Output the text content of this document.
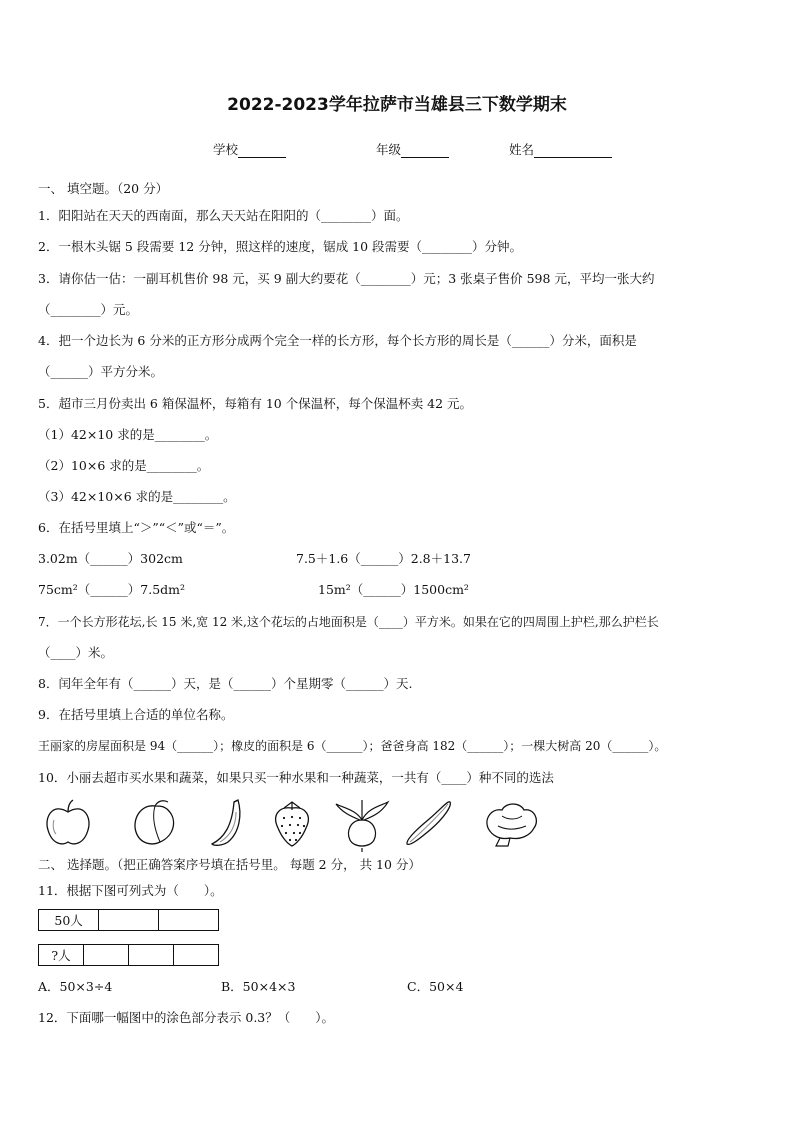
2022-2023学年拉萨市当雄县三下数学期末
学校	年级	姓名
一、 填空题。（20 分）
1．阳阳站在天天的西南面，那么天天站在阳阳的（________）面。
2．一根木头锯 5 段需要 12 分钟，照这样的速度，锯成 10 段需要（________）分钟。
3．请你估一估：一副耳机售价 98 元，买 9 副大约要花（________）元；3 张桌子售价 598 元，平均一张大约
（________）元。
4．把一个边长为 6 分米的正方形分成两个完全一样的长方形，每个长方形的周长是（______）分米，面积是
（______）平方分米。
5．超市三月份卖出 6 箱保温杯，每箱有 10 个保温杯，每个保温杯卖 42 元。
（1）42×10 求的是________。
（2）10×6 求的是________。
（3）42×10×6 求的是________。
6．在括号里填上“＞”“＜”或“＝”。
3.02m（______）302cm	7.5＋1.6（______）2.8＋13.7
75cm²（______）7.5dm²	15m²（______）1500cm²
7．一个长方形花坛,长 15 米,宽 12 米,这个花坛的占地面积是（____）平方米。如果在它的四周围上护栏,那么护栏长
（____）米。
8．闰年全年有（______）天，是（______）个星期零（______）天.
9．在括号里填上合适的单位名称。
王丽家的房屋面积是 94（______）；橡皮的面积是 6（______）；爸爸身高 182（______）；一棵大树高 20（______）。
10．小丽去超市买水果和蔬菜，如果只买一种水果和一种蔬菜，一共有（____）种不同的选法
二、 选择题。（把正确答案序号填在括号里。 每题 2 分， 共 10 分）
11．根据下图可列式为（　　）。
50人		
?人			
A．50×3÷4	B．50×4×3	C．50×4
12．下面哪一幅图中的涂色部分表示 0.3？（　　）。
